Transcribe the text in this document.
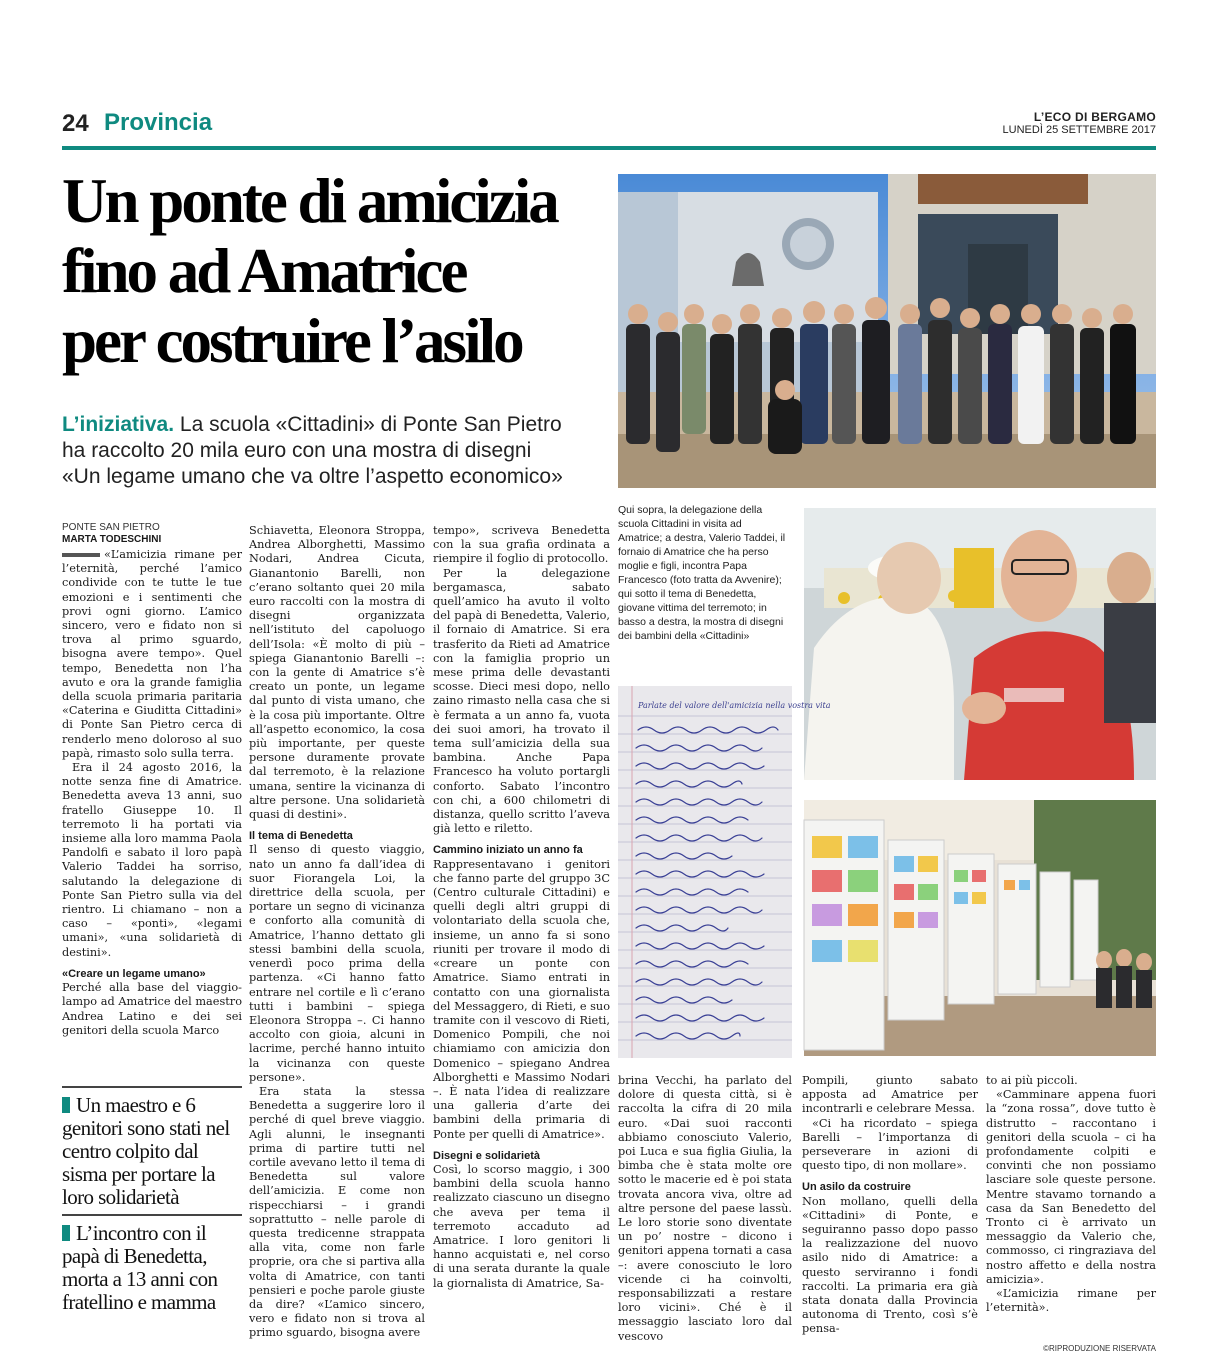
24 Provincia	L’ECO DI BERGAMO
LUNEDÌ 25 SETTEMBRE 2017
Un ponte di amicizia
fino ad Amatrice
per costruire l’asilo
L’iniziativa. La scuola «Cittadini» di Ponte San Pietro
ha raccolto 20 mila euro con una mostra di disegni
«Un legame umano che va oltre l’aspetto economico»
PONTE SAN PIETRO
MARTA TODESCHINI

«L’amicizia rimane per l’eternità, perché l’amico condivide con te tutte le tue emozioni e i sentimenti che provi ogni giorno. L’amico sincero, vero e fidato non si trova al primo sguardo, bisogna avere tempo». Quel tempo, Benedetta non l’ha avuto e ora la grande famiglia della scuola primaria paritaria «Caterina e Giuditta Cittadini» di Ponte San Pietro cerca di renderlo meno doloroso al suo papà, rimasto solo sulla terra.

Era il 24 agosto 2016, la notte senza fine di Amatrice. Benedetta aveva 13 anni, suo fratello Giuseppe 10. Il terremoto li ha portati via insieme alla loro mamma Paola Pandolfi e sabato il loro papà Valerio Taddei ha sorriso, salutando la delegazione di Ponte San Pietro sulla via del rientro. Li chiamano – non a caso – «ponti», «legami umani», «una solidarietà di destini».

«Creare un legame umano»

Perché alla base del viaggio-lampo ad Amatrice del maestro Andrea Latino e dei sei genitori della scuola Marco

Un maestro e 6 genitori sono stati nel centro colpito dal sisma per portare la loro solidarietà
L’incontro con il papà di Benedetta, morta a 13 anni con fratellino e mamma

Schiavetta, Eleonora Stroppa, Andrea Alborghetti, Massimo Nodari, Andrea Cicuta, Gianantonio Barelli, non c’erano soltanto quei 20 mila euro raccolti con la mostra di disegni organizzata nell’istituto del capoluogo dell’Isola: «È molto di più – spiega Gianantonio Barelli –: con la gente di Amatrice s’è creato un ponte, un legame dal punto di vista umano, che è la cosa più importante. Oltre all’aspetto economico, la cosa più importante, per queste persone duramente provate dal terremoto, è la relazione umana, sentire la vicinanza di altre persone. Una solidarietà quasi di destini».

Il tema di Benedetta

Il senso di questo viaggio, nato un anno fa dall’idea di suor Fiorangela Loi, la direttrice della scuola, per portare un segno di vicinanza e conforto alla comunità di Amatrice, l’hanno dettato gli stessi bambini della scuola, venerdì poco prima della partenza. «Ci hanno fatto entrare nel cortile e lì c’erano tutti i bambini – spiega Eleonora Stroppa –. Ci hanno accolto con gioia, alcuni in lacrime, perché hanno intuito la vicinanza con queste persone».

Era stata la stessa Benedetta a suggerire loro il perché di quel breve viaggio. Agli alunni, le insegnanti prima di partire tutti nel cortile avevano letto il tema di Benedetta sul valore dell’amicizia. E come non rispecchiarsi – i grandi soprattutto – nelle parole di questa tredicenne strappata alla vita, come non farle proprie, ora che si partiva alla volta di Amatrice, con tanti pensieri e poche parole giuste da dire? «L’amico sincero, vero e fidato non si trova al primo sguardo, bisogna avere

tempo», scriveva Benedetta con la sua grafia ordinata a riempire il foglio di protocollo.

Per la delegazione bergamasca, sabato quell’amico ha avuto il volto del papà di Benedetta, Valerio, il fornaio di Amatrice. Si era trasferito da Rieti ad Amatrice con la famiglia proprio un mese prima delle devastanti scosse. Dieci mesi dopo, nello zaino rimasto nella casa che si è fermata a un anno fa, vuota dei suoi amori, ha trovato il tema sull’amicizia della sua bambina. Anche Papa Francesco ha voluto portargli conforto. Sabato l’incontro con chi, a 600 chilometri di distanza, quello scritto l’aveva già letto e riletto.

Cammino iniziato un anno fa

Rappresentavano i genitori che fanno parte del gruppo 3C (Centro culturale Cittadini) e quelli degli altri gruppi di volontariato della scuola che, insieme, un anno fa si sono riuniti per trovare il modo di «creare un ponte con Amatrice. Siamo entrati in contatto con una giornalista del Messaggero, di Rieti, e suo tramite con il vescovo di Rieti, Domenico Pompili, che noi chiamiamo con amicizia don Domenico – spiegano Andrea Alborghetti e Massimo Nodari –. È nata l’idea di realizzare una galleria d’arte dei bambini della primaria di Ponte per quelli di Amatrice».

Disegni e solidarietà

Così, lo scorso maggio, i 300 bambini della scuola hanno realizzato ciascuno un disegno che aveva per tema il terremoto accaduto ad Amatrice. I loro genitori li hanno acquistati e, nel corso di una serata durante la quale la giornalista di Amatrice, Sa-

brina Vecchi, ha parlato del dolore di questa città, si è raccolta la cifra di 20 mila euro. «Dai suoi racconti abbiamo conosciuto Valerio, poi Luca e sua figlia Giulia, la bimba che è stata molte ore sotto le macerie ed è poi stata trovata ancora viva, oltre ad altre persone del paese lassù. Le loro storie sono diventate un po’ nostre – dicono i genitori appena tornati a casa –: avere conosciuto le loro vicende ci ha coinvolti, responsabilizzati a restare loro vicini». Ché è il messaggio lasciato loro dal vescovo

Pompili, giunto sabato apposta ad Amatrice per incontrarli e celebrare Messa.

«Ci ha ricordato – spiega Barelli – l’importanza di perseverare in azioni di questo tipo, di non mollare».

Un asilo da costruire

Non mollano, quelli della «Cittadini» di Ponte, e seguiranno passo dopo passo la realizzazione del nuovo asilo nido di Amatrice: a questo serviranno i fondi raccolti. La primaria era già stata donata dalla Provincia autonoma di Trento, così s’è pensa-

to ai più piccoli.

«Camminare appena fuori la “zona rossa”, dove tutto è distrutto – raccontano i genitori della scuola – ci ha profondamente colpiti e convinti che non possiamo lasciare sole queste persone. Mentre stavamo tornando a casa da San Benedetto del Tronto ci è arrivato un messaggio da Valerio che, commosso, ci ringraziava del nostro affetto e della nostra amicizia».

«L’amicizia rimane per l’eternità».

©RIPRODUZIONE RISERVATA
Qui sopra, la delegazione della scuola Cittadini in visita ad Amatrice; a destra, Valerio Taddei, il fornaio di Amatrice che ha perso moglie e figli, incontra Papa Francesco (foto tratta da Avvenire); qui sotto il tema di Benedetta, giovane vittima del terremoto; in basso a destra, la mostra di disegni dei bambini della «Cittadini»
Parlate del valore dell'amicizia nella vostra vita
